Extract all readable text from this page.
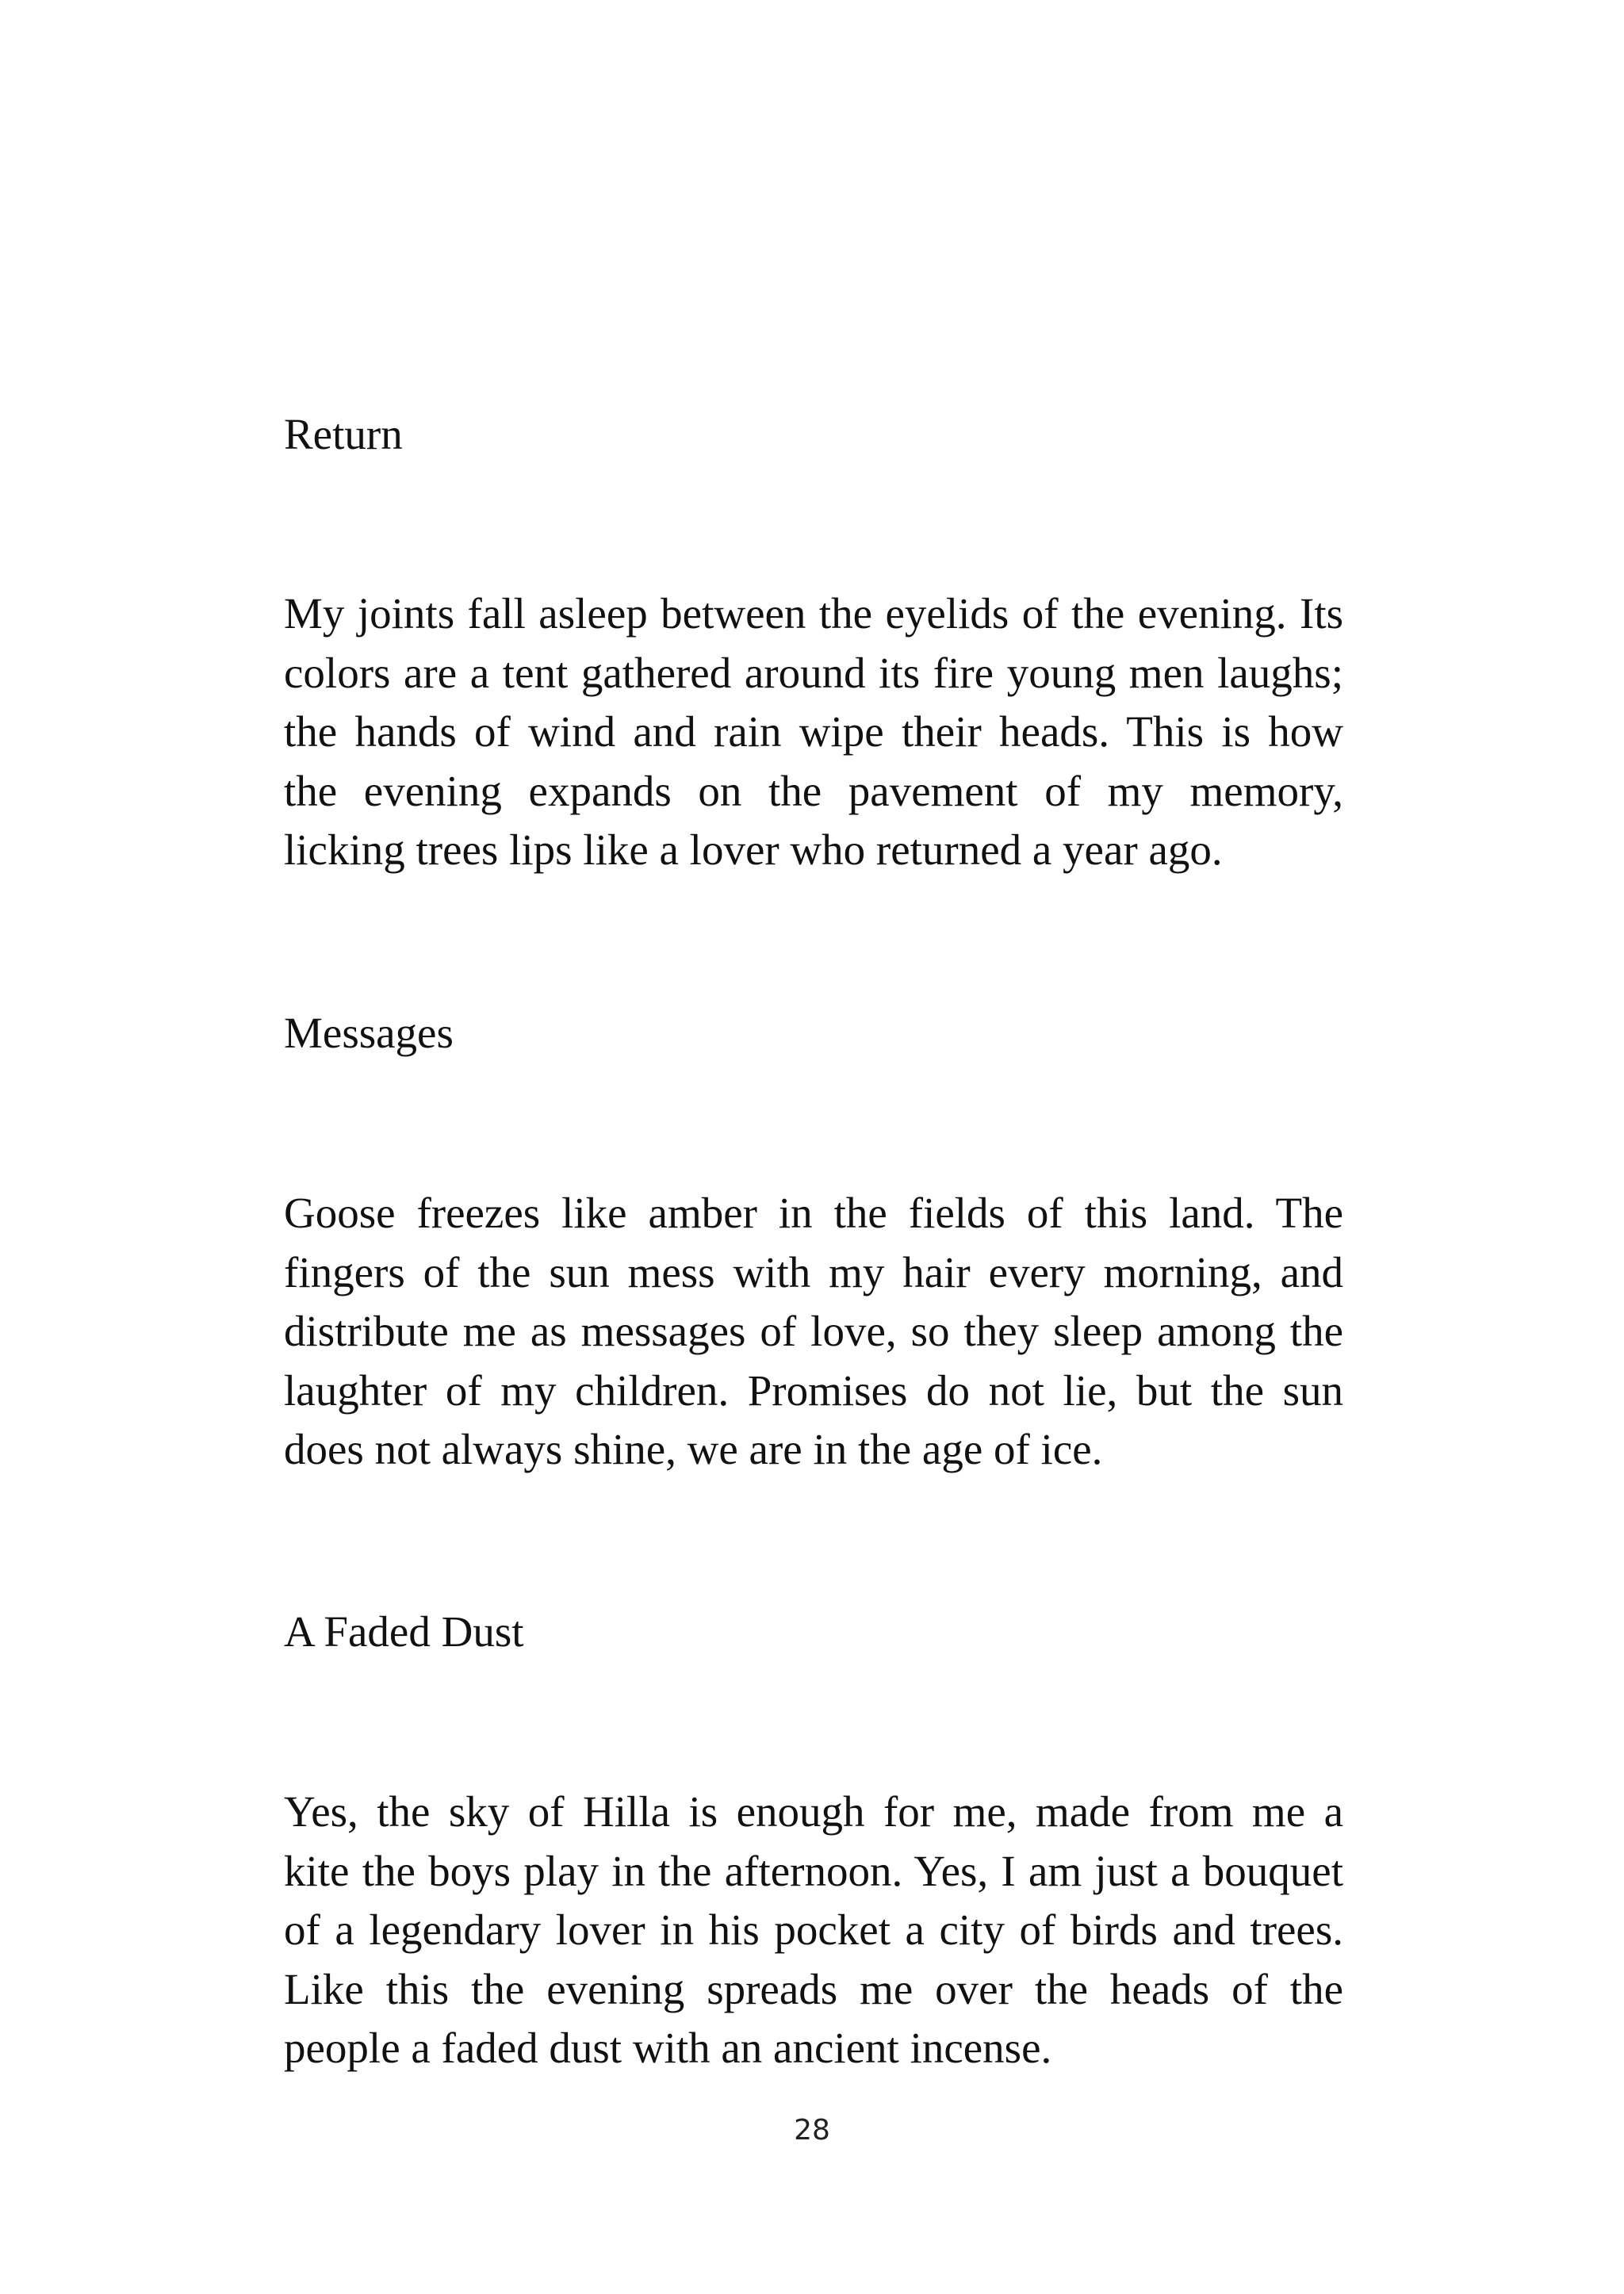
Return
My joints fall asleep between the eyelids of the evening. Its
colors are a tent gathered around its fire young men laughs;
the hands of wind and rain wipe their heads. This is how
the evening expands on the pavement of my memory,
licking trees lips like a lover who returned a year ago.
Messages
Goose freezes like amber in the fields of this land. The
fingers of the sun mess with my hair every morning, and
distribute me as messages of love, so they sleep among the
laughter of my children. Promises do not lie, but the sun
does not always shine, we are in the age of ice.
A Faded Dust
Yes, the sky of Hilla is enough for me, made from me a
kite the boys play in the afternoon. Yes, I am just a bouquet
of a legendary lover in his pocket a city of birds and trees.
Like this the evening spreads me over the heads of the
people a faded dust with an ancient incense.
28
